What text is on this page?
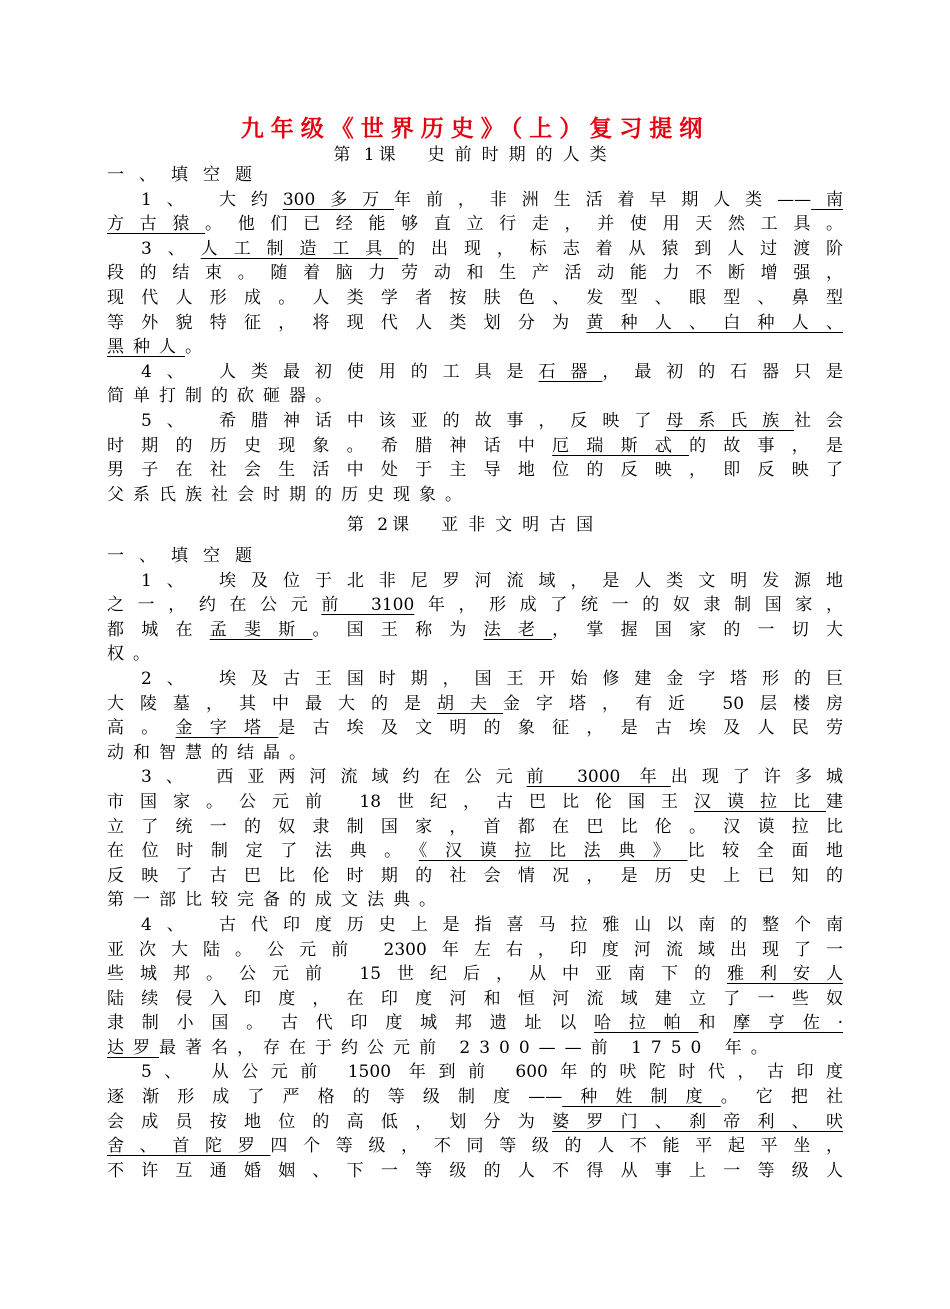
九年级《世界历史》（上）复习提纲
第 1课 史前时期的人类
一、填空题
1、 大约300多万年前，非洲生活着早期人类——南
方古猿。他们已经能够直立行走，并使用天然工具。
3、人工制造工具的出现，标志着从猿到人过渡阶
段的结束。随着脑力劳动和生产活动能力不断增强，
现代人形成。人类学者按肤色、发型、眼型、鼻型
等外貌特征，将现代人类划分为黄种人、白种人、
黑种人。
4、 人类最初使用的工具是石器，最初的石器只是
简单打制的砍砸器。
5、 希腊神话中该亚的故事，反映了母系氏族社会
时期的历史现象。希腊神话中厄瑞斯忒的故事，是
男子在社会生活中处于主导地位的反映，即反映了
父系氏族社会时期的历史现象。
第 2课 亚非文明古国
一、填空题
1、 埃及位于北非尼罗河流域，是人类文明发源地
之一，约在公元前 3100年，形成了统一的奴隶制国家，
都城在孟斐斯。国王称为法老，掌握国家的一切大
权。
2、 埃及古王国时期，国王开始修建金字塔形的巨
大陵墓，其中最大的是胡夫金字塔，有近 50层楼房
高。金字塔是古埃及文明的象征，是古埃及人民劳
动和智慧的结晶。
3、 西亚两河流域约在公元前 3000 年出现了许多城
市国家。公元前 18世纪，古巴比伦国王汉谟拉比建
立了统一的奴隶制国家，首都在巴比伦。汉谟拉比
在位时制定了法典。《汉谟拉比法典》比较全面地
反映了古巴比伦时期的社会情况，是历史上已知的
第一部比较完备的成文法典。
4、 古代印度历史上是指喜马拉雅山以南的整个南
亚次大陆。公元前 2300年左右，印度河流域出现了一
些城邦。公元前 15世纪后，从中亚南下的雅利安人
陆续侵入印度，在印度河和恒河流域建立了一些奴
隶制小国。古代印度城邦遗址以哈拉帕和摩亨佐·
达罗最著名，存在于约公元前 2300——前 1750 年。
5、 从公元前 1500 年到前 600年的吠陀时代，古印度
逐渐形成了严格的等级制度——种姓制度。它把社
会成员按地位的高低，划分为婆罗门、刹帝利、吠
舍、首陀罗四个等级，不同等级的人不能平起平坐，
不许互通婚姻、下一等级的人不得从事上一等级人
